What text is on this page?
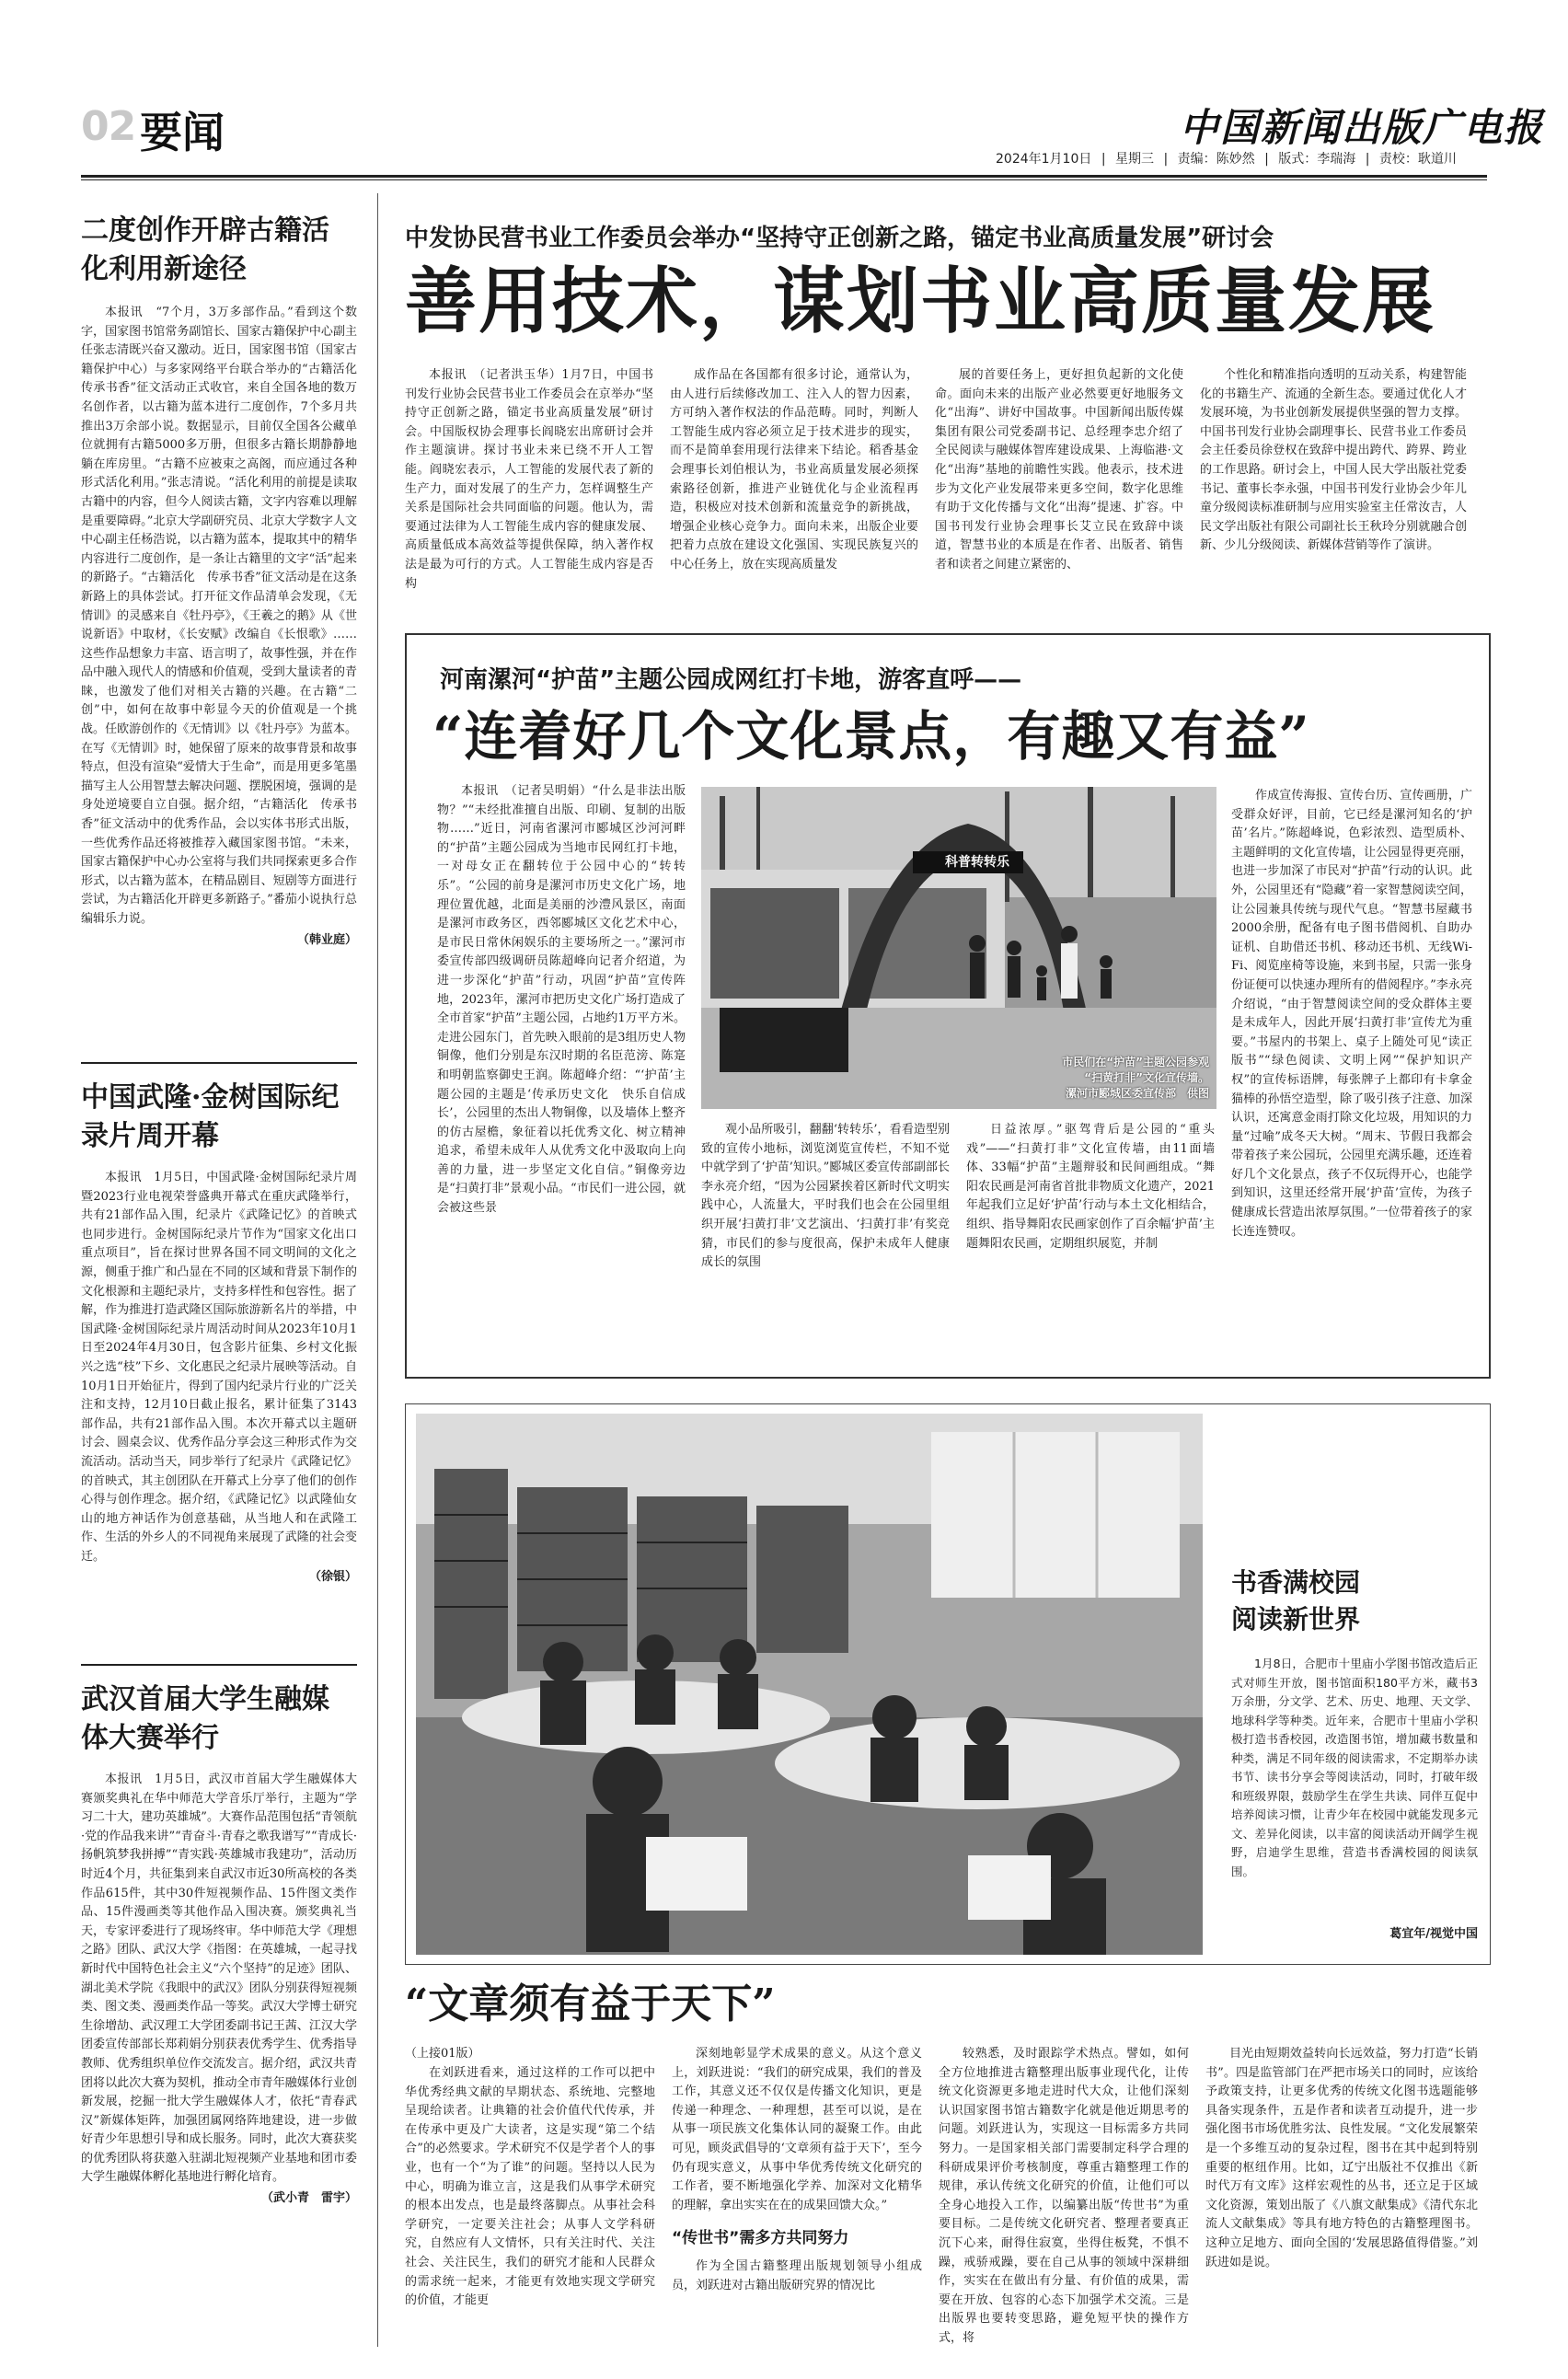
02 要闻	中国新闻出版广电报
2024年1月10日 | 星期三 | 责编：陈妙然 | 版式：李瑞海 | 责校：耿道川
二度创作开辟古籍活化利用新途径
本报讯　“7个月，3万多部作品。”看到这个数字，国家图书馆常务副馆长、国家古籍保护中心副主任张志清既兴奋又激动。近日，国家图书馆（国家古籍保护中心）与多家网络平台联合举办的“古籍活化　传承书香”征文活动正式收官，来自全国各地的数万名创作者，以古籍为蓝本进行二度创作，7个多月共推出3万余部小说。数据显示，目前仅全国各公藏单位就拥有古籍5000多万册，但很多古籍长期静静地躺在库房里。“古籍不应被束之高阁，而应通过各种形式活化利用。”张志清说。“活化利用的前提是读取古籍中的内容，但今人阅读古籍，文字内容难以理解是重要障碍。”北京大学副研究员、北京大学数字人文中心副主任杨浩说，以古籍为蓝本，提取其中的精华内容进行二度创作，是一条让古籍里的文字“活”起来的新路子。“古籍活化　传承书香”征文活动是在这条新路上的具体尝试。打开征文作品清单会发现，《无情训》的灵感来自《牡丹亭》，《王羲之的鹅》从《世说新语》中取材，《长安赋》改编自《长恨歌》……这些作品想象力丰富、语言明了，故事性强，并在作品中融入现代人的情感和价值观，受到大量读者的青睐，也激发了他们对相关古籍的兴趣。在古籍“二创”中，如何在故事中彰显今天的价值观是一个挑战。任欧游创作的《无情训》以《牡丹亭》为蓝本。在写《无情训》时，她保留了原来的故事背景和故事特点，但没有渲染“爱情大于生命”，而是用更多笔墨描写主人公用智慧去解决问题、摆脱困境，强调的是身处逆境要自立自强。据介绍，“古籍活化　传承书香”征文活动中的优秀作品，会以实体书形式出版，一些优秀作品还将被推荐入藏国家图书馆。“未来，国家古籍保护中心办公室将与我们共同探索更多合作形式，以古籍为蓝本，在精品剧目、短剧等方面进行尝试，为古籍活化开辟更多新路子。”番茄小说执行总编辑乐力说。
（韩业庭）
中国武隆·金树国际纪录片周开幕
本报讯　1月5日，中国武隆·金树国际纪录片周暨2023行业电视荣誉盛典开幕式在重庆武隆举行，共有21部作品入围，纪录片《武隆记忆》的首映式也同步进行。金树国际纪录片节作为“国家文化出口重点项目”，旨在探讨世界各国不同文明间的文化之源，侧重于推广和凸显在不同的区域和背景下制作的文化根源和主题纪录片，支持多样性和包容性。据了解，作为推进打造武隆区国际旅游新名片的举措，中国武隆·金树国际纪录片周活动时间从2023年10月1日至2024年4月30日，包含影片征集、乡村文化振兴之选“枝”下乡、文化惠民之纪录片展映等活动。自10月1日开始征片，得到了国内纪录片行业的广泛关注和支持，12月10日截止报名，累计征集了3143部作品，共有21部作品入围。本次开幕式以主题研讨会、圆桌会议、优秀作品分享会这三种形式作为交流活动。活动当天，同步举行了纪录片《武隆记忆》的首映式，其主创团队在开幕式上分享了他们的创作心得与创作理念。据介绍，《武隆记忆》以武隆仙女山的地方神话作为创意基础，从当地人和在武隆工作、生活的外乡人的不同视角来展现了武隆的社会变迁。
（徐银）
武汉首届大学生融媒体大赛举行
本报讯　1月5日，武汉市首届大学生融媒体大赛颁奖典礼在华中师范大学音乐厅举行，主题为“学习二十大，建功英雄城”。大赛作品范围包括“青领航·党的作品我来讲”“青奋斗·青春之歌我谱写”“青成长·扬帆筑梦我拼搏”“青实践·英雄城市我建功”，活动历时近4个月，共征集到来自武汉市近30所高校的各类作品615件，其中30件短视频作品、15件图文类作品、15件漫画类等其他作品入围决赛。颁奖典礼当天，专家评委进行了现场终审。华中师范大学《理想之路》团队、武汉大学《指图：在英雄城，一起寻找新时代中国特色社会主义“六个坚持”的足迹》团队、湖北美术学院《我眼中的武汉》团队分别获得短视频类、图文类、漫画类作品一等奖。武汉大学博士研究生徐增劼、武汉理工大学团委副书记王茜、江汉大学团委宣传部部长郑莉娟分别获表优秀学生、优秀指导教师、优秀组织单位作交流发言。据介绍，武汉共青团将以此次大赛为契机，推动全市青年融媒体行业创新发展，挖掘一批大学生融媒体人才，依托“青春武汉”新媒体矩阵，加强团属网络阵地建设，进一步做好青少年思想引导和成长服务。同时，此次大赛获奖的优秀团队将获邀入驻湖北短视频产业基地和团市委大学生融媒体孵化基地进行孵化培育。
（武小青　雷宇）
中发协民营书业工作委员会举办“坚持守正创新之路，锚定书业高质量发展”研讨会
善用技术，谋划书业高质量发展
本报讯　（记者洪玉华）1月7日，中国书刊发行业协会民营书业工作委员会在京举办“坚持守正创新之路，锚定书业高质量发展”研讨会。中国版权协会理事长阎晓宏出席研讨会并作主题演讲。探讨书业未来已绕不开人工智能。阎晓宏表示，人工智能的发展代表了新的生产力，面对发展了的生产力，怎样调整生产关系是国际社会共同面临的问题。他认为，需要通过法律为人工智能生成内容的健康发展、高质量低成本高效益等提供保障，纳入著作权法是最为可行的方式。人工智能生成内容是否构
成作品在各国都有很多讨论，通常认为，由人进行后续修改加工、注入人的智力因素，方可纳入著作权法的作品范畴。同时，判断人工智能生成内容必须立足于技术进步的现实，而不是简单套用现行法律来下结论。稻香基金会理事长刘伯根认为，书业高质量发展必须探索路径创新，推进产业链优化与企业流程再造，积极应对技术创新和流量竞争的新挑战，增强企业核心竞争力。面向未来，出版企业要把着力点放在建设文化强国、实现民族复兴的中心任务上，放在实现高质量发
展的首要任务上，更好担负起新的文化使命。面向未来的出版产业必然要更好地服务文化“出海”、讲好中国故事。中国新闻出版传媒集团有限公司党委副书记、总经理李忠介绍了全民阅读与融媒体智库建设成果、上海临港·文化“出海”基地的前瞻性实践。他表示，技术进步为文化产业发展带来更多空间，数字化思维有助于文化传播与文化“出海”提速、扩容。中国书刊发行业协会理事长艾立民在致辞中谈道，智慧书业的本质是在作者、出版者、销售者和读者之间建立紧密的、
个性化和精准指向透明的互动关系，构建智能化的书籍生产、流通的全新生态。要通过优化人才发展环境，为书业创新发展提供坚强的智力支撑。中国书刊发行业协会副理事长、民营书业工作委员会主任委员徐登权在致辞中提出跨代、跨界、跨业的工作思路。研讨会上，中国人民大学出版社党委书记、董事长李永强，中国书刊发行业协会少年儿童分级阅读标准研制与应用实验室主任常汝吉，人民文学出版社有限公司副社长王秋玲分别就融合创新、少儿分级阅读、新媒体营销等作了演讲。
河南漯河“护苗”主题公园成网红打卡地，游客直呼——
“连着好几个文化景点，有趣又有益”
本报讯　（记者吴明娟）“什么是非法出版物？”“未经批准擅自出版、印刷、复制的出版物……”近日，河南省漯河市郾城区沙河河畔的“护苗”主题公园成为当地市民网红打卡地，一对母女正在翻转位于公园中心的“转转乐”。“公园的前身是漯河市历史文化广场，地理位置优越，北面是美丽的沙澧风景区，南面是漯河市政务区，西邻郾城区文化艺术中心，是市民日常休闲娱乐的主要场所之一。”漯河市委宣传部四级调研员陈超峰向记者介绍道，为进一步深化“护苗”行动，巩固“护苗”宣传阵地，2023年，漯河市把历史文化广场打造成了全市首家“护苗”主题公园，占地约1万平方米。走进公园东门，首先映入眼前的是3组历史人物铜像，他们分别是东汉时期的名臣范滂、陈寔和明朝监察御史王润。陈超峰介绍：“‘护苗’主题公园的主题是‘传承历史文化　快乐自信成长’，公园里的杰出人物铜像，以及墙体上整齐的仿古屋檐，象征着以托优秀文化、树立精神追求，希望未成年人从优秀文化中汲取向上向善的力量，进一步坚定文化自信。”铜像旁边是“扫黄打非”景观小品。“市民们一进公园，就会被这些景
科普转转乐
市民们在“护苗”主题公园参观
“扫黄打非”文化宣传墙。
漯河市郾城区委宣传部　供图
观小品所吸引，翻翻‘转转乐’，看看造型别致的宣传小地标，浏览浏览宣传栏，不知不觉中就学到了‘护苗’知识。”郾城区委宣传部副部长李永亮介绍，“因为公园紧挨着区新时代文明实践中心，人流量大，平时我们也会在公园里组织开展‘扫黄打非’文艺演出、‘扫黄打非’有奖竞猜，市民们的参与度很高，保护未成年人健康成长的氛围
日益浓厚。”驱驾背后是公园的“重头戏”——“扫黄打非”文化宣传墙，由11面墙体、33幅“护苗”主题辩驳和民间画组成。“舞阳农民画是河南省首批非物质文化遗产，2021年起我们立足好‘护苗’行动与本土文化相结合，组织、指导舞阳农民画家创作了百余幅‘护苗’主题舞阳农民画，定期组织展览，并制
作成宣传海报、宣传台历、宣传画册，广受群众好评，目前，它已经是漯河知名的‘护苗’名片。”陈超峰说，色彩浓烈、造型质朴、主题鲜明的文化宣传墙，让公园显得更亮丽，也进一步加深了市民对“护苗”行动的认识。此外，公园里还有“隐藏”着一家智慧阅读空间，让公园兼具传统与现代气息。“智慧书屋藏书2000余册，配备有电子图书借阅机、自助办证机、自助借还书机、移动还书机、无线Wi-Fi、阅览座椅等设施，来到书屋，只需一张身份证便可以快速办理所有的借阅程序。”李永亮介绍说，“由于智慧阅读空间的受众群体主要是未成年人，因此开展‘扫黄打非’宣传尤为重要。”书屋内的书架上、桌子上随处可见“读正版书”“绿色阅读、文明上网”“保护知识产权”的宣传标语牌，每张牌子上都印有卡拿金猫棒的孙悟空造型，除了吸引孩子注意、加深认识，还寓意金雨打除文化垃圾，用知识的力量“过喻”成冬天大树。“周末、节假日我都会带着孩子来公园玩，公园里充满乐趣，还连着好几个文化景点，孩子不仅玩得开心，也能学到知识，这里还经常开展‘护苗’宣传，为孩子健康成长营造出浓厚氛围。”一位带着孩子的家长连连赞叹。
书香满校园
阅读新世界
1月8日，合肥市十里庙小学图书馆改造后正式对师生开放，图书馆面积180平方米，藏书3万余册，分文学、艺术、历史、地理、天文学、地球科学等种类。近年来，合肥市十里庙小学积极打造书香校园，改造图书馆，增加藏书数量和种类，满足不同年级的阅读需求，不定期举办读书节、读书分享会等阅读活动，同时，打破年级和班级界限，鼓励学生在学生共读、同伴互促中培养阅读习惯，让青少年在校园中就能发现多元文、差异化阅读，以丰富的阅读活动开阔学生视野，启迪学生思维，营造书香满校园的阅读氛围。
葛宜年/视觉中国
“文章须有益于天下”
（上接01版）
在刘跃进看来，通过这样的工作可以把中华优秀经典文献的早期状态、系统地、完整地呈现给读者。让典籍的社会价值代代传承，并在传承中更及广大读者，这是实现“第二个结合”的必然要求。学术研究不仅是学者个人的事业，也有一个“为了谁”的问题。坚持以人民为中心，明确为谁立言，这是我们从事学术研究的根本出发点，也是最终落脚点。从事社会科学研究，一定要关注社会；从事人文学科研究，自然应有人文情怀，只有关注时代、关注社会、关注民生，我们的研究才能和人民群众的需求统一起来，才能更有效地实现文学研究的价值，才能更
深刻地彰显学术成果的意义。从这个意义上，刘跃进说：“我们的研究成果，我们的普及工作，其意义还不仅仅是传播文化知识，更是传递一种理念、一种理想，甚至可以说，是在从事一项民族文化集体认同的凝聚工作。由此可见，顾炎武倡导的‘文章须有益于天下’，至今仍有现实意义，从事中华优秀传统文化研究的工作者，要不断地强化学养、加深对文化精华的理解，拿出实实在在的成果回馈大众。”
“传世书”需多方共同努力
作为全国古籍整理出版规划领导小组成员，刘跃进对古籍出版研究界的情况比
较熟悉，及时跟踪学术热点。譬如，如何全方位地推进古籍整理出版事业现代化，让传统文化资源更多地走进时代大众，让他们深刻认识国家图书馆古籍数字化就是他近期思考的问题。刘跃进认为，实现这一目标需多方共同努力。一是国家相关部门需要制定科学合理的科研成果评价考核制度，尊重古籍整理工作的规律，承认传统文化研究的价值，让他们可以全身心地投入工作，以编纂出版“传世书”为重要目标。二是传统文化研究者、整理者要真正沉下心来，耐得住寂寞，坐得住板凳，不惧不躁，戒骄戒躁，要在自己从事的领域中深耕细作，实实在在做出有分量、有价值的成果，需要在开放、包容的心态下加强学术交流。三是出版界也要转变思路，避免短平快的操作方式，将
目光由短期效益转向长远效益，努力打造“长销书”。四是监管部门在严把市场关口的同时，应该给予政策支持，让更多优秀的传统文化图书选题能够具备实现条件，五是作者和读者互动提升，进一步强化图书市场优胜劣汰、良性发展。“文化发展繁荣是一个多维互动的复杂过程，图书在其中起到特别重要的枢纽作用。比如，辽宁出版社不仅推出《新时代万有文库》这样宏观性的丛书，还立足于区域文化资源，策划出版了《八旗文献集成》《清代东北流人文献集成》等具有地方特色的古籍整理图书。这种立足地方、面向全国的‘发展思路值得借鉴。”刘跃进如是说。
